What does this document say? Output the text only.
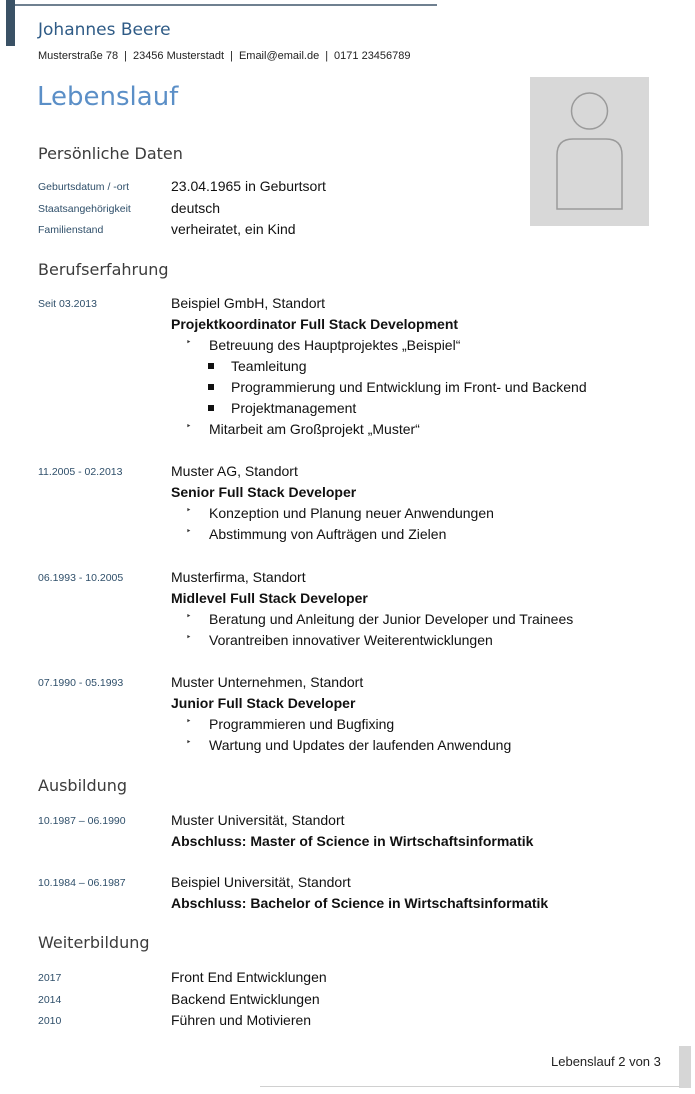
Johannes Beere
Musterstraße 78 | 23456 Musterstadt | Email@email.de | 0171 23456789
Lebenslauf
Persönliche Daten
Geburtsdatum / -ort	23.04.1965 in Geburtsort
Staatsangehörigkeit	deutsch
Familienstand	verheiratet, ein Kind
Berufserfahrung
Seit 03.2013	Beispiel GmbH, Standort
Projektkoordinator Full Stack Development
‣ Betreuung des Hauptprojektes „Beispiel“
Teamleitung
Programmierung und Entwicklung im Front- und Backend
Projektmanagement
‣ Mitarbeit am Großprojekt „Muster“
11.2005 - 02.2013	Muster AG, Standort
Senior Full Stack Developer
‣ Konzeption und Planung neuer Anwendungen
‣ Abstimmung von Aufträgen und Zielen
06.1993 - 10.2005	Musterfirma, Standort
Midlevel Full Stack Developer
‣ Beratung und Anleitung der Junior Developer und Trainees
‣ Vorantreiben innovativer Weiterentwicklungen
07.1990 - 05.1993	Muster Unternehmen, Standort
Junior Full Stack Developer
‣ Programmieren und Bugfixing
‣ Wartung und Updates der laufenden Anwendung
Ausbildung
10.1987 – 06.1990	Muster Universität, Standort
Abschluss: Master of Science in Wirtschaftsinformatik
10.1984 – 06.1987	Beispiel Universität, Standort
Abschluss: Bachelor of Science in Wirtschaftsinformatik
Weiterbildung
2017	Front End Entwicklungen
2014	Backend Entwicklungen
2010	Führen und Motivieren
Lebenslauf 2 von 3
